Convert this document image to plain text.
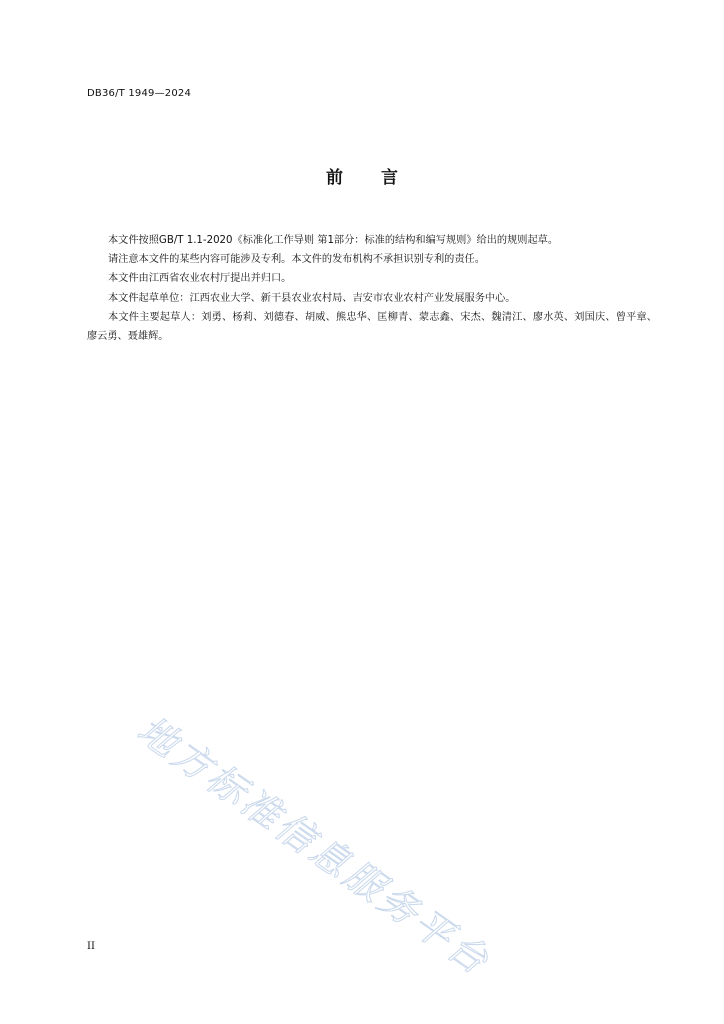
DB36/T 1949—2024
前言

本文件按照GB/T 1.1-2020《标准化工作导则 第1部分：标准的结构和编写规则》给出的规则起草。

请注意本文件的某些内容可能涉及专利。本文件的发布机构不承担识别专利的责任。

本文件由江西省农业农村厅提出并归口。

本文件起草单位：江西农业大学、新干县农业农村局、吉安市农业农村产业发展服务中心。

本文件主要起草人：刘勇、杨莉、刘德春、胡威、熊忠华、匡柳青、蒙志鑫、宋杰、魏清江、廖水英、刘国庆、曾平章、廖云勇、聂雄辉。

地方标准信息服务平台
II
